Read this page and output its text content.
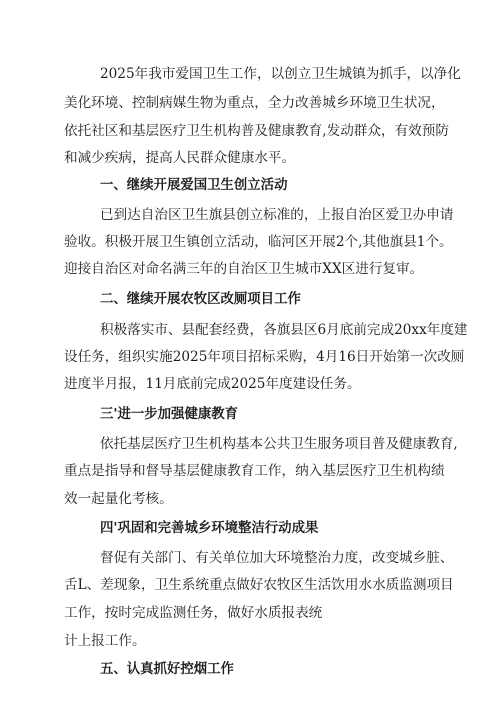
2025年我市爱国卫生工作，以创立卫生城镇为抓手，以净化
美化环境、控制病媒生物为重点，全力改善城乡环境卫生状况，
依托社区和基层医疗卫生机构普及健康教育,发动群众，有效预防
和减少疾病，提高人民群众健康水平。
一、继续开展爱国卫生创立活动
已到达自治区卫生旗县创立标准的，上报自治区爱卫办申请
验收。积极开展卫生镇创立活动，临河区开展2个,其他旗县1个。
迎接自治区对命名满三年的自治区卫生城市XX区进行复审。
二、继续开展农牧区改厕项目工作
积极落实市、县配套经费，各旗县区6月底前完成20xx年度建
设任务，组织实施2025年项目招标采购，4月16日开始第一次改厕
进度半月报，11月底前完成2025年度建设任务。
三'进一步加强健康教育
依托基层医疗卫生机构基本公共卫生服务项目普及健康教育,
重点是指导和督导基层健康教育工作，纳入基层医疗卫生机构绩
效一起量化考核。
四'巩固和完善城乡环境整洁行动成果
督促有关部门、有关单位加大环境整治力度，改变城乡脏、
舌L、差现象，卫生系统重点做好农牧区生活饮用水水质监测项目
工作，按时完成监测任务，做好水质报表统
计上报工作。
五、认真抓好控烟工作
